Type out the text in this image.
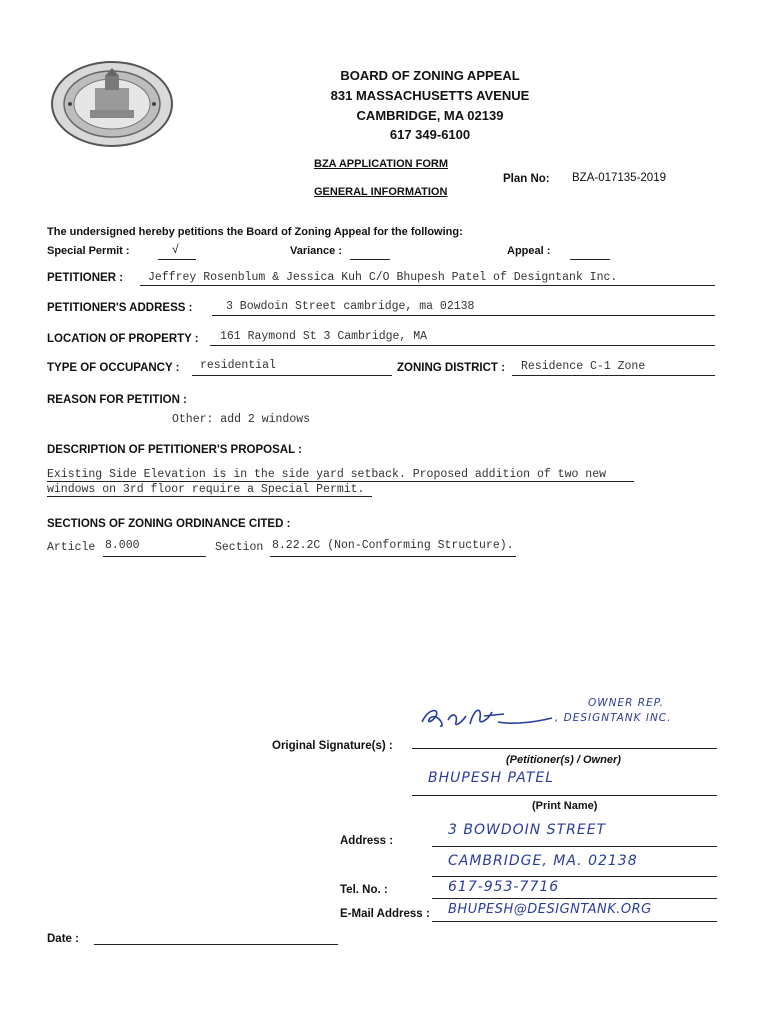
BOARD OF ZONING APPEAL
831 MASSACHUSETTS AVENUE
CAMBRIDGE, MA 02139
617 349-6100
BZA APPLICATION FORM
GENERAL INFORMATION
Plan No: BZA-017135-2019
The undersigned hereby petitions the Board of Zoning Appeal for the following:
Special Permit :	√	Variance :	Appeal :
PETITIONER : Jeffrey Rosenblum & Jessica Kuh C/O Bhupesh Patel of Designtank Inc.
PETITIONER'S ADDRESS :	3 Bowdoin Street cambridge, ma 02138
LOCATION OF PROPERTY : 161 Raymond St 3 Cambridge, MA
TYPE OF OCCUPANCY : residential	ZONING DISTRICT : Residence C-1 Zone
REASON FOR PETITION :
Other: add 2 windows
DESCRIPTION OF PETITIONER'S PROPOSAL :
Existing Side Elevation is in the side yard setback. Proposed addition of two new
windows on 3rd floor require a Special Permit.
SECTIONS OF ZONING ORDINANCE CITED :
Article 8.000	Section 8.22.2C (Non-Conforming Structure).
OWNER REP.
, DESIGNTANK INC.
Original Signature(s) :
(Petitioner(s) / Owner)
BHUPESH PATEL
(Print Name)
Address :
3 BOWDOIN STREET
CAMBRIDGE, MA. 02138
Tel. No. :	617-953-7716
E-Mail Address : BHUPESH@DESIGNTANK.ORG
Date :
